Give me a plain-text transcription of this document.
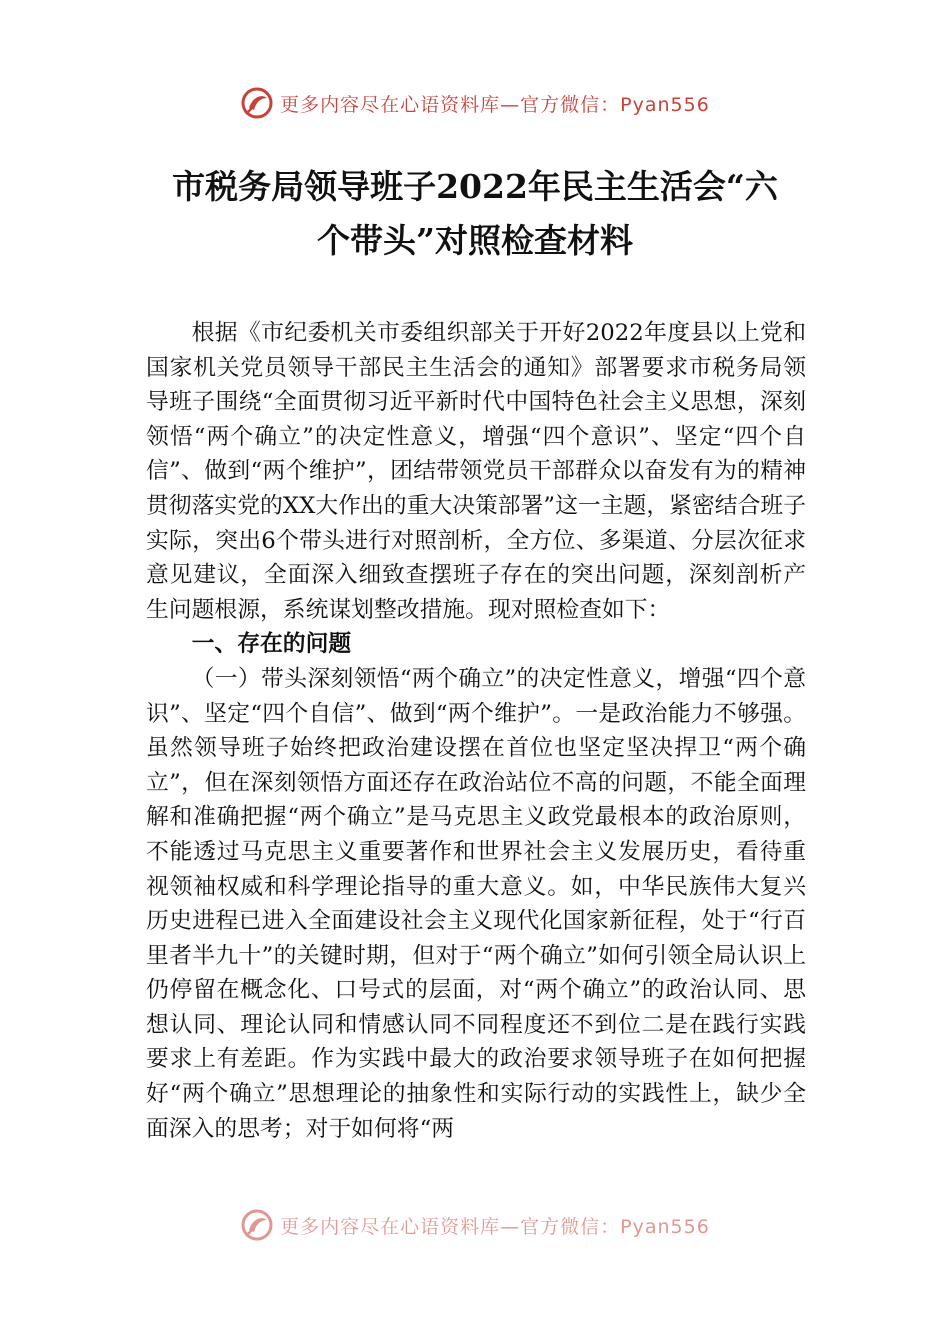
更多内容尽在心语资料库—官方微信：Pyan556
市税务局领导班子2022年民主生活会“六
个带头”对照检查材料

根据《市纪委机关市委组织部关于开好2022年度县以上党和国家机关党员领导干部民主生活会的通知》部署要求市税务局领导班子围绕“全面贯彻习近平新时代中国特色社会主义思想，深刻领悟“两个确立”的决定性意义，增强“四个意识”、坚定“四个自信”、做到“两个维护”，团结带领党员干部群众以奋发有为的精神贯彻落实党的XX大作出的重大决策部署”这一主题，紧密结合班子实际，突出6个带头进行对照剖析，全方位、多渠道、分层次征求意见建议，全面深入细致查摆班子存在的突出问题，深刻剖析产生问题根源，系统谋划整改措施。现对照检查如下：

一、存在的问题

（一）带头深刻领悟“两个确立”的决定性意义，增强“四个意识”、坚定“四个自信”、做到“两个维护”。一是政治能力不够强。虽然领导班子始终把政治建设摆在首位也坚定坚决捍卫“两个确立”，但在深刻领悟方面还存在政治站位不高的问题，不能全面理解和准确把握“两个确立”是马克思主义政党最根本的政治原则，不能透过马克思主义重要著作和世界社会主义发展历史，看待重视领袖权威和科学理论指导的重大意义。如，中华民族伟大复兴历史进程已进入全面建设社会主义现代化国家新征程，处于“行百里者半九十”的关键时期，但对于“两个确立”如何引领全局认识上仍停留在概念化、口号式的层面，对“两个确立”的政治认同、思想认同、理论认同和情感认同不同程度还不到位二是在践行实践要求上有差距。作为实践中最大的政治要求领导班子在如何把握好“两个确立”思想理论的抽象性和实际行动的实践性上，缺少全面深入的思考；对于如何将“两

更多内容尽在心语资料库—官方微信：Pyan556
